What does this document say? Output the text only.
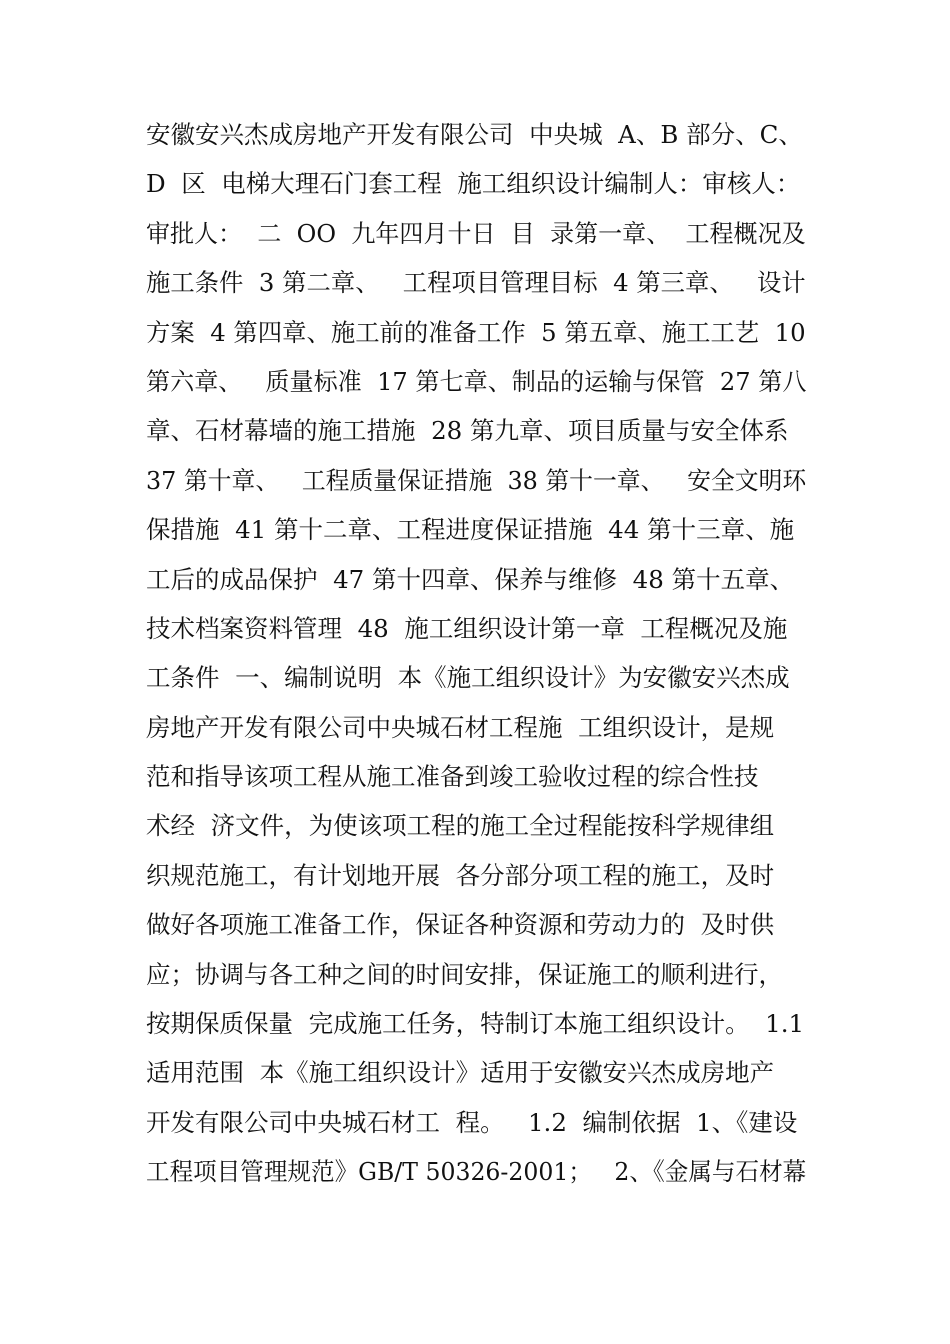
安徽安兴杰成房地产开发有限公司  中央城  A、B 部分、C、
D  区  电梯大理石门套工程  施工组织设计编制人：审核人：
审批人：  二  OO  九年四月十日  目  录第一章、  工程概况及
施工条件  3 第二章、   工程项目管理目标  4 第三章、   设计
方案  4 第四章、施工前的准备工作  5 第五章、施工工艺  10
第六章、   质量标准  17 第七章、制品的运输与保管  27 第八
章、石材幕墙的施工措施  28 第九章、项目质量与安全体系
37 第十章、   工程质量保证措施  38 第十一章、   安全文明环
保措施  41 第十二章、工程进度保证措施  44 第十三章、施
工后的成品保护  47 第十四章、保养与维修  48 第十五章、
技术档案资料管理  48  施工组织设计第一章  工程概况及施
工条件  一、编制说明  本《施工组织设计》为安徽安兴杰成
房地产开发有限公司中央城石材工程施  工组织设计，是规
范和指导该项工程从施工准备到竣工验收过程的综合性技
术经  济文件，为使该项工程的施工全过程能按科学规律组
织规范施工，有计划地开展  各分部分项工程的施工，及时
做好各项施工准备工作，保证各种资源和劳动力的  及时供
应；协调与各工种之间的时间安排，保证施工的顺利进行，
按期保质保量  完成施工任务，特制订本施工组织设计。  1.1
适用范围  本《施工组织设计》适用于安徽安兴杰成房地产
开发有限公司中央城石材工  程。   1.2  编制依据  1、《建设
工程项目管理规范》GB/T 50326-2001；   2、《金属与石材幕
